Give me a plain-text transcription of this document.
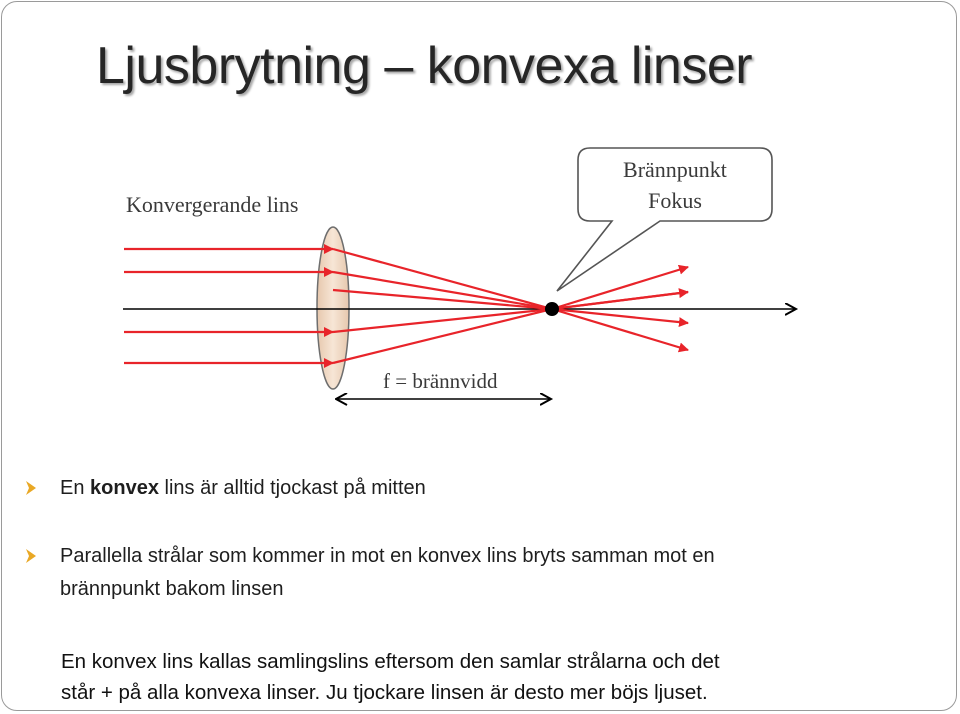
Ljusbrytning – konvexa linser
Konvergerande lins
Brännpunkt
Fokus
f = brännvidd
En konvex lins är alltid tjockast på mitten
Parallella strålar som kommer in mot en konvex lins bryts samman mot en
brännpunkt bakom linsen
En konvex lins kallas samlingslins eftersom den samlar strålarna och det
står + på alla konvexa linser. Ju tjockare linsen är desto mer böjs ljuset.
